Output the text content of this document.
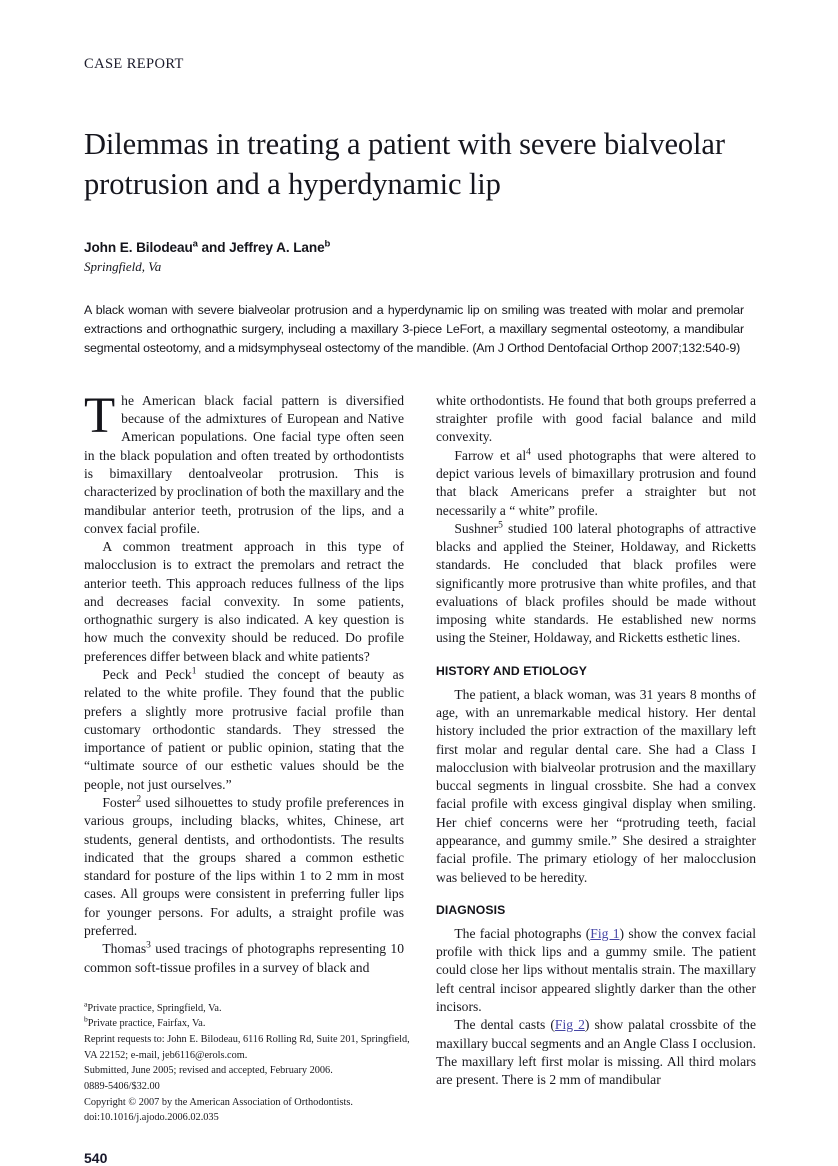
CASE REPORT
Dilemmas in treating a patient with severe bialveolar protrusion and a hyperdynamic lip
John E. Bilodeau$^a$ and Jeffrey A. Lane$^b$
Springfield, Va
A black woman with severe bialveolar protrusion and a hyperdynamic lip on smiling was treated with molar and premolar extractions and orthognathic surgery, including a maxillary 3-piece LeFort, a maxillary segmental osteotomy, a mandibular segmental osteotomy, and a midsymphyseal ostectomy of the mandible. (Am J Orthod Dentofacial Orthop 2007;132:540-9)

The American black facial pattern is diversified because of the admixtures of European and Native American populations. One facial type often seen in the black population and often treated by orthodontists is bimaxillary dentoalveolar protrusion. This is characterized by proclination of both the maxillary and the mandibular anterior teeth, protrusion of the lips, and a convex facial profile.

A common treatment approach in this type of malocclusion is to extract the premolars and retract the anterior teeth. This approach reduces fullness of the lips and decreases facial convexity. In some patients, orthognathic surgery is also indicated. A key question is how much the convexity should be reduced. Do profile preferences differ between black and white patients?

Peck and Peck$^1$ studied the concept of beauty as related to the white profile. They found that the public prefers a slightly more protrusive facial profile than customary orthodontic standards. They stressed the importance of patient or public opinion, stating that the “ultimate source of our esthetic values should be the people, not just ourselves.”

Foster$^2$ used silhouettes to study profile preferences in various groups, including blacks, whites, Chinese, art students, general dentists, and orthodontists. The results indicated that the groups shared a common esthetic standard for posture of the lips within 1 to 2 mm in most cases. All groups were consistent in preferring fuller lips for younger persons. For adults, a straight profile was preferred.

Thomas$^3$ used tracings of photographs representing 10 common soft-tissue profiles in a survey of black and

$^a$Private practice, Springfield, Va.

$^b$Private practice, Fairfax, Va.

Reprint requests to: John E. Bilodeau, 6116 Rolling Rd, Suite 201, Springfield, VA 22152; e-mail, jeb6116@erols.com.

Submitted, June 2005; revised and accepted, February 2006.

0889-5406/$32.00

Copyright © 2007 by the American Association of Orthodontists.

doi:10.1016/j.ajodo.2006.02.035

540

white orthodontists. He found that both groups preferred a straighter profile with good facial balance and mild convexity.

Farrow et $al^4$ used photographs that were altered to depict various levels of bimaxillary protrusion and found that black Americans prefer a straighter but not necessarily a “ white” profile.

Sushner$^5$ studied 100 lateral photographs of attractive blacks and applied the Steiner, Holdaway, and Ricketts standards. He concluded that black profiles were significantly more protrusive than white profiles, and that evaluations of black profiles should be made without imposing white standards. He established new norms using the Steiner, Holdaway, and Ricketts esthetic lines.

HISTORY AND ETIOLOGY

The patient, a black woman, was 31 years 8 months of age, with an unremarkable medical history. Her dental history included the prior extraction of the maxillary left first molar and regular dental care. She had a Class I malocclusion with bialveolar protrusion and the maxillary buccal segments in lingual crossbite. She had a convex facial profile with excess gingival display when smiling. Her chief concerns were her “protruding teeth, facial appearance, and gummy smile.” She desired a straighter facial profile. The primary etiology of her malocclusion was believed to be heredity.

DIAGNOSIS

The facial photographs (Fig 1) show the convex facial profile with thick lips and a gummy smile. The patient could close her lips without mentalis strain. The maxillary left central incisor appeared slightly darker than the other incisors.

The dental casts (Fig 2) show palatal crossbite of the maxillary buccal segments and an Angle Class I occlusion. The maxillary left first molar is missing. All third molars are present. There is 2 mm of mandibular
